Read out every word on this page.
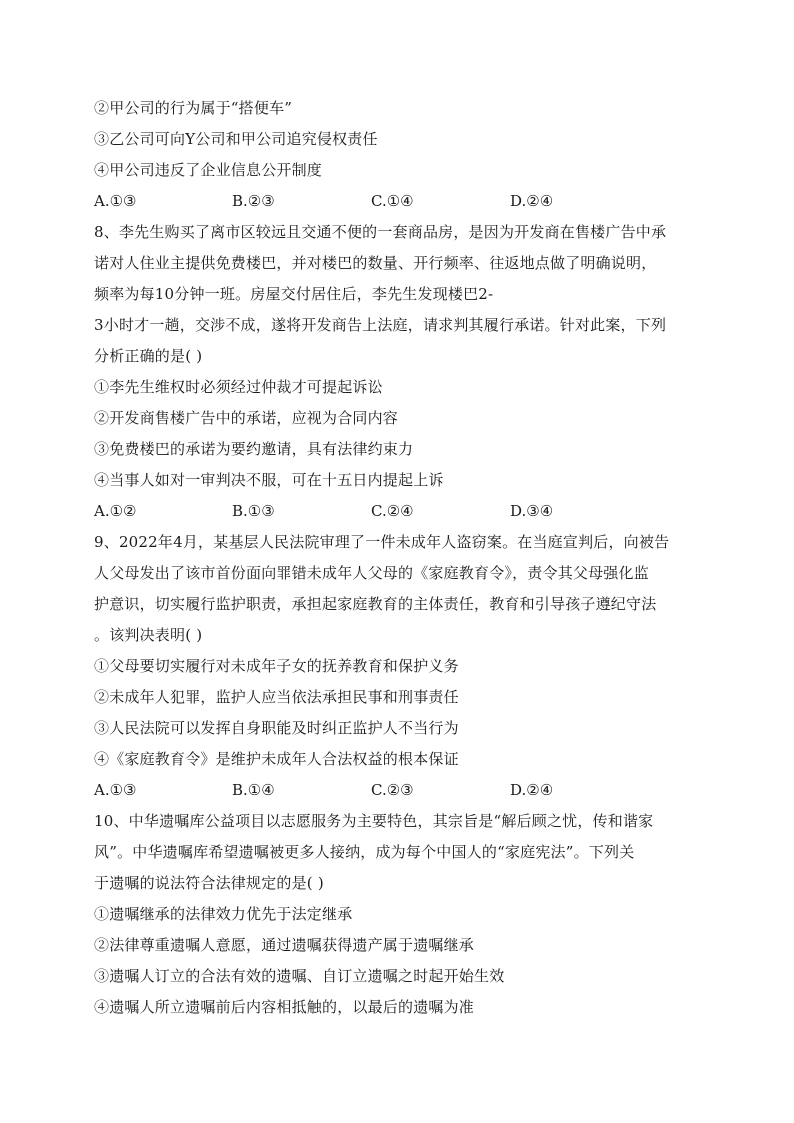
②甲公司的行为属于“搭便车”
③乙公司可向Y公司和甲公司追究侵权责任
④甲公司违反了企业信息公开制度
A.①③	B.②③	C.①④	D.②④
8、李先生购买了离市区较远且交通不便的一套商品房，是因为开发商在售楼广告中承
诺对人住业主提供免费楼巴，并对楼巴的数量、开行频率、往返地点做了明确说明，
频率为每10分钟一班。房屋交付居住后，李先生发现楼巴2-
3小时才一趟，交涉不成，遂将开发商告上法庭，请求判其履行承诺。针对此案，下列
分析正确的是( )
①李先生维权时必须经过仲裁才可提起诉讼
②开发商售楼广告中的承诺，应视为合同内容
③免费楼巴的承诺为要约邀请，具有法律约束力
④当事人如对一审判决不服，可在十五日内提起上诉
A.①②	B.①③	C.②④	D.③④
9、2022年4月，某基层人民法院审理了一件未成年人盗窃案。在当庭宣判后，向被告
人父母发出了该市首份面向罪错未成年人父母的《家庭教育令》，责令其父母强化监
护意识，切实履行监护职责，承担起家庭教育的主体责任，教育和引导孩子遵纪守法
。该判决表明( )
①父母要切实履行对未成年子女的抚养教育和保护义务
②未成年人犯罪，监护人应当依法承担民事和刑事责任
③人民法院可以发挥自身职能及时纠正监护人不当行为
④《家庭教育令》是维护未成年人合法权益的根本保证
A.①③	B.①④	C.②③	D.②④
10、中华遗嘱库公益项目以志愿服务为主要特色，其宗旨是“解后顾之忧，传和谐家
风”。中华遗嘱库希望遗嘱被更多人接纳，成为每个中国人的“家庭宪法”。下列关
于遗嘱的说法符合法律规定的是( )
①遗嘱继承的法律效力优先于法定继承
②法律尊重遗嘱人意愿，通过遗嘱获得遗产属于遗嘱继承
③遗嘱人订立的合法有效的遗嘱、自订立遗嘱之时起开始生效
④遗嘱人所立遗嘱前后内容相抵触的，以最后的遗嘱为准
